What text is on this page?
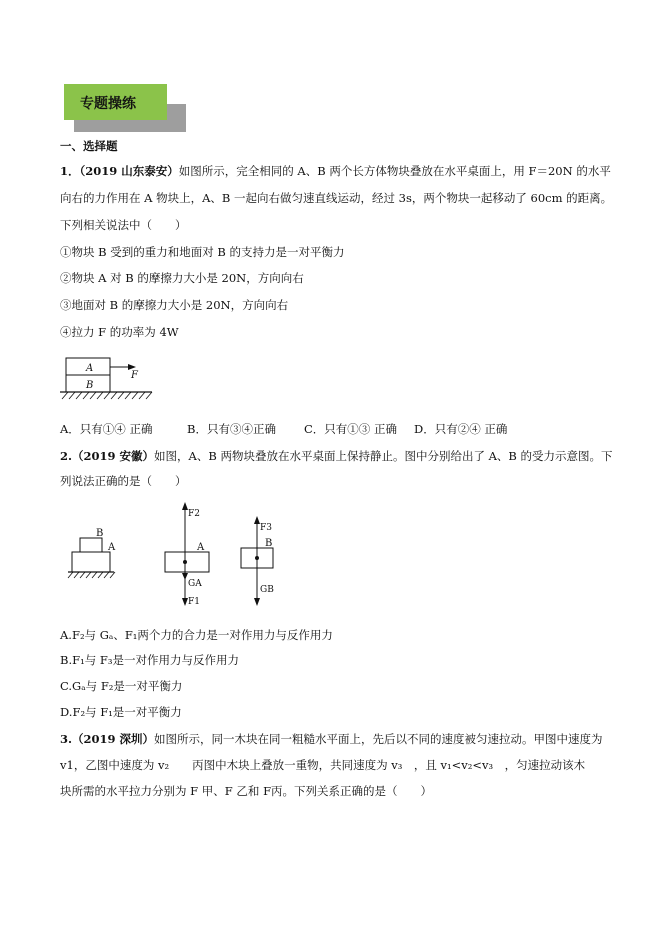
专题操练
一、选择题
1．（2019 山东泰安）如图所示，完全相同的 A、B 两个长方体物块叠放在水平桌面上，用 F＝20N 的水平
向右的力作用在 A 物块上，A、B 一起向右做匀速直线运动，经过 3s，两个物块一起移动了 60cm 的距离。
下列相关说法中（　　）
①物块 B 受到的重力和地面对 B 的支持力是一对平衡力
②物块 A 对 B 的摩擦力大小是 20N，方向向右
③地面对 B 的摩擦力大小是 20N，方向向右
④拉力 F 的功率为 4W
A
B
F
A．只有①④ 正确	B．只有③④正确 C．只有①③ 正确 D．只有②④ 正确
2.（2019 安徽）如图，A、B 两物块叠放在水平桌面上保持静止。图中分别给出了 A、B 的受力示意图。下
列说法正确的是（　　）
B
A
F2
A
GA
F1
F3
B
GB
A.F₂与 Gₐ、F₁两个力的合力是一对作用力与反作用力
B.F₁与 F₃是一对作用力与反作用力
C.Gₐ与 F₂是一对平衡力
D.F₂与 F₁是一对平衡力
3.（2019 深圳）如图所示，同一木块在同一粗糙水平面上，先后以不同的速度被匀速拉动。甲图中速度为
v1，乙图中速度为 v₂　　丙图中木块上叠放一重物，共同速度为 v₃　，且 v₁<v₂<v₃　，匀速拉动该木
块所需的水平拉力分别为 F 甲、F 乙和 F丙。下列关系正确的是（　　）
